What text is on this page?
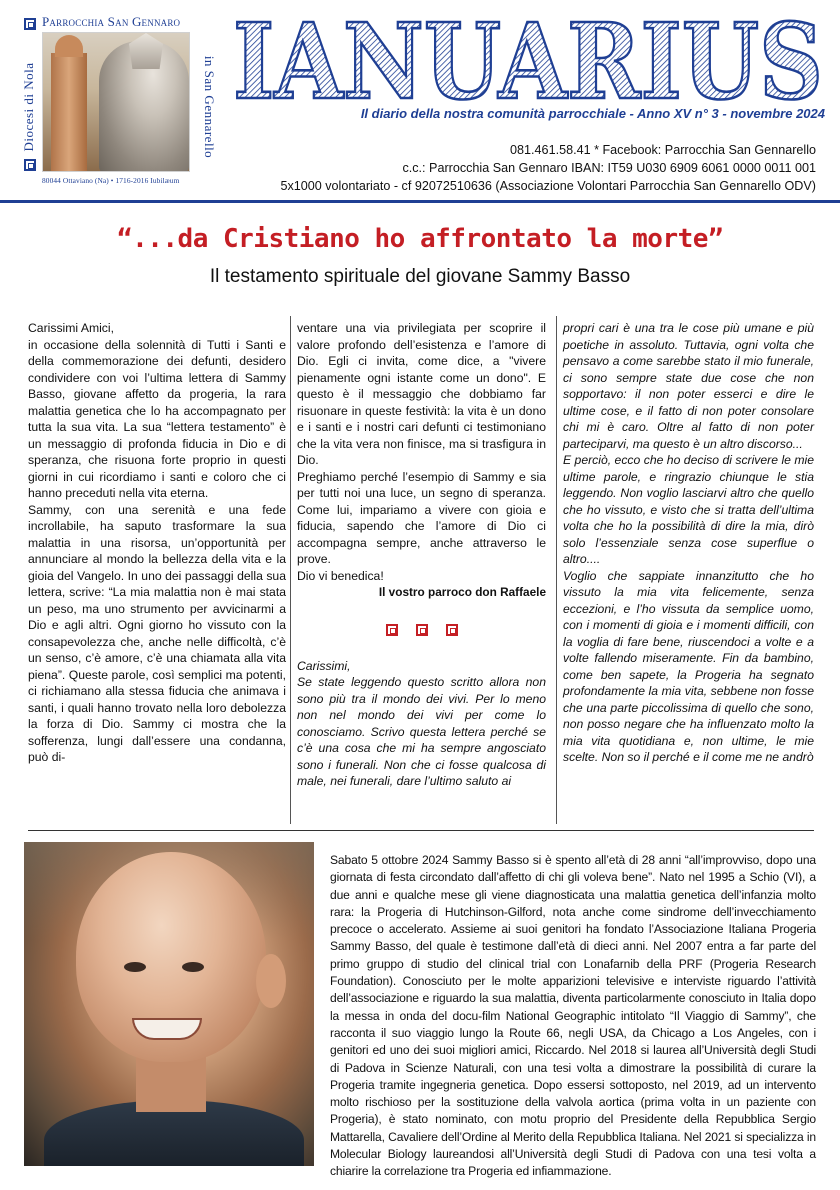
Parrocchia San Gennaro
Diocesi di Nola	in San Gennarello
80044 Ottaviano (Na) • 1716-2016 Iubilæum
IANUARIUS
Il diario della nostra comunità parrocchiale - Anno XV n° 3 - novembre 2024
081.461.58.41 * Facebook: Parrocchia San Gennarello
c.c.: Parrocchia San Gennaro IBAN: IT59 U030 6909 6061 0000 0011 001
5x1000 volontariato - cf 92072510636 (Associazione Volontari Parrocchia San Gennarello ODV)
“...da Cristiano ho affrontato la morte”
Il testamento spirituale del giovane Sammy Basso

Carissimi Amici,
in occasione della solennità di Tutti i Santi e della commemorazione dei defunti, desidero condividere con voi l’ultima lettera di Sammy Basso, giovane affetto da progeria, la rara malattia genetica che lo ha accompagnato per tutta la sua vita. La sua “lettera testamento” è un messaggio di profonda fiducia in Dio e di speranza, che risuona forte proprio in questi giorni in cui ricordiamo i santi e coloro che ci hanno preceduti nella vita eterna.
Sammy, con una serenità e una fede incrollabile, ha saputo trasformare la sua malattia in una risorsa, un’opportunità per annunciare al mondo la bellezza della vita e la gioia del Vangelo. In uno dei passaggi della sua lettera, scrive: “La mia malattia non è mai stata un peso, ma uno strumento per avvicinarmi a Dio e agli altri. Ogni giorno ho vissuto con la consapevolezza che, anche nelle difficoltà, c’è un senso, c’è amore, c’è una chiamata alla vita piena”. Queste parole, così semplici ma potenti, ci richiamano alla stessa fiducia che animava i santi, i quali hanno trovato nella loro debolezza la forza di Dio. Sammy ci mostra che la sofferenza, lungi dall’essere una condanna, può di-

ventare una via privilegiata per scoprire il valore profondo dell’esistenza e l’amore di Dio. Egli ci invita, come dice, a "vivere pienamente ogni istante come un dono". E questo è il messaggio che dobbiamo far risuonare in queste festività: la vita è un dono e i santi e i nostri cari defunti ci testimoniano che la vita vera non finisce, ma si trasfigura in Dio.
Preghiamo perché l’esempio di Sammy e sia per tutti noi una luce, un segno di speranza. Come lui, impariamo a vivere con gioia e fiducia, sapendo che l’amore di Dio ci accompagna sempre, anche attraverso le prove.
Dio vi benedica!

Il vostro parroco don Raffaele

Carissimi,
Se state leggendo questo scritto allora non sono più tra il mondo dei vivi. Per lo meno non nel mondo dei vivi per come lo conosciamo. Scrivo questa lettera perché se c’è una cosa che mi ha sempre angosciato sono i funerali. Non che ci fosse qualcosa di male, nei funerali, dare l’ultimo saluto ai

propri cari è una tra le cose più umane e più poetiche in assoluto. Tuttavia, ogni volta che pensavo a come sarebbe stato il mio funerale, ci sono sempre state due cose che non sopportavo: il non poter esserci e dire le ultime cose, e il fatto di non poter consolare chi mi è caro. Oltre al fatto di non poter parteciparvi, ma questo è un altro discorso...
E perciò, ecco che ho deciso di scrivere le mie ultime parole, e ringrazio chiunque le stia leggendo. Non voglio lasciarvi altro che quello che ho vissuto, e visto che si tratta dell’ultima volta che ho la possibilità di dire la mia, dirò solo l’essenziale senza cose superflue o altro....
Voglio che sappiate innanzitutto che ho vissuto la mia vita felicemente, senza eccezioni, e l’ho vissuta da semplice uomo, con i momenti di gioia e i momenti difficili, con la voglia di fare bene, riuscendoci a volte e a volte fallendo miseramente. Fin da bambino, come ben sapete, la Progeria ha segnato profondamente la mia vita, sebbene non fosse che una parte piccolissima di quello che sono, non posso negare che ha influenzato molto la mia vita quotidiana e, non ultime, le mie scelte. Non so il perché e il come me ne andrò

Sabato 5 ottobre 2024 Sammy Basso si è spento all’età di 28 anni “all’improvviso, dopo una giornata di festa circondato dall’affetto di chi gli voleva bene”. Nato nel 1995 a Schio (VI), a due anni e qualche mese gli viene diagnosticata una malattia genetica dell’infanzia molto rara: la Progeria di Hutchinson-Gilford, nota anche come sindrome dell’invecchiamento precoce o accelerato. Assieme ai suoi genitori ha fondato l’Associazione Italiana Progeria Sammy Basso, del quale è testimone dall’età di dieci anni. Nel 2007 entra a far parte del primo gruppo di studio del clinical trial con Lonafarnib della PRF (Progeria Research Foundation). Conosciuto per le molte apparizioni televisive e interviste riguardo l’attività dell’associazione e riguardo la sua malattia, diventa particolarmente conosciuto in Italia dopo la messa in onda del docu-film National Geographic intitolato “Il Viaggio di Sammy”, che racconta il suo viaggio lungo la Route 66, negli USA, da Chicago a Los Angeles, con i genitori ed uno dei suoi migliori amici, Riccardo. Nel 2018 si laurea all’Università degli Studi di Padova in Scienze Naturali, con una tesi volta a dimostrare la possibilità di curare la Progeria tramite ingegneria genetica. Dopo essersi sottoposto, nel 2019, ad un intervento molto rischioso per la sostituzione della valvola aortica (prima volta in un paziente con Progeria), è stato nominato, con motu proprio del Presidente della Repubblica Sergio Mattarella, Cavaliere dell’Ordine al Merito della Repubblica Italiana. Nel 2021 si specializza in Molecular Biology laureandosi all’Università degli Studi di Padova con una tesi volta a chiarire la correlazione tra Progeria ed infiammazione.
